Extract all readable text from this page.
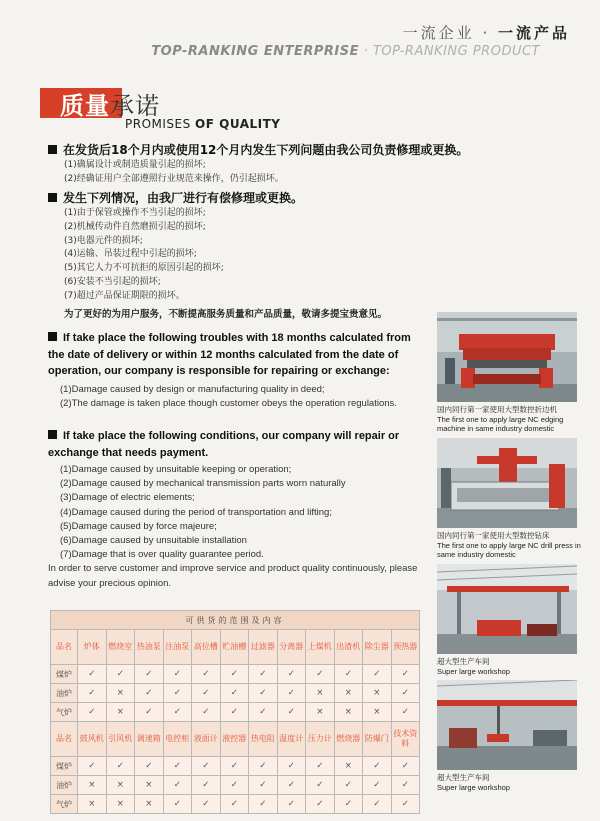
一流企业 · 一流产品
TOP-RANKING ENTERPRISE · TOP-RANKING PRODUCT
质量承诺
PROMISES OF QUALITY
在发货后18个月内或使用12个月内发生下列问题由我公司负责修理或更换。
(1)确属设计或制造质量引起的损坏;
(2)经确证用户全部遵照行业规范来操作，仍引起损坏。
发生下列情况，由我厂进行有偿修理或更换。
(1)由于保管或操作不当引起的损坏;
(2)机械传动件自然磨损引起的损坏;
(3)电器元件的损坏;
(4)运输、吊装过程中引起的损坏;
(5)其它人力不可抗拒的原因引起的损坏;
(6)安装不当引起的损坏;
(7)超过产品保证期限的损坏。
为了更好的为用户服务，不断提高服务质量和产品质量，敬请多提宝贵意见。
If take place the following troubles with 18 months calculated from the date of delivery or within 12 months calculated from the date of operation, our company is responsible for repairing or exchange:
(1)Damage caused by design or manufacturing quality in deed;
(2)The damage is taken place though customer obeys the operation regulations.
If take place the following conditions, our company will repair or exchange that needs payment.
(1)Damage caused by unsuitable keeping or operation;
(2)Damage caused by mechanical transmission parts worn naturally
(3)Damage of electric elements;
(4)Damage caused during the period of transportation and lifting;
(5)Damage caused by force majeure;
(6)Damage caused by unsuitable installation
(7)Damage that is over quality guarantee period.
In order to serve customer and improve service and product quality continuously, please advise your precious opinion.
国内同行第一家使用大型数控折边机
The first one to apply large NC edging machine in same industry domestic
国内同行第一家使用大型数控钻床
The first one to apply large NC drill press in same industry domestic
超大型生产车间
Super large workshop
超大型生产车间
Super large workshop
可供货的范围及内容												
品名	炉体	燃烧室	热油泵	注油泵	高位槽	贮油槽	过滤器	分离器	上煤机	出渣机	除尘器	预热器
煤炉	✓	✓	✓	✓	✓	✓	✓	✓	✓	✓	✓	✓
油炉	✓	×	✓	✓	✓	✓	✓	✓	×	×	×	✓
气炉	✓	×	✓	✓	✓	✓	✓	✓	×	×	×	✓
品名	鼓风机	引风机	调速箱	电控柜	液面计	液控器	热电阻	温度计	压力计	燃烧器	防爆门	技术资料
煤炉	✓	✓	✓	✓	✓	✓	✓	✓	✓	×	✓	✓
油炉	×	×	×	✓	✓	✓	✓	✓	✓	✓	✓	✓
气炉	×	×	×	✓	✓	✓	✓	✓	✓	✓	✓	✓
